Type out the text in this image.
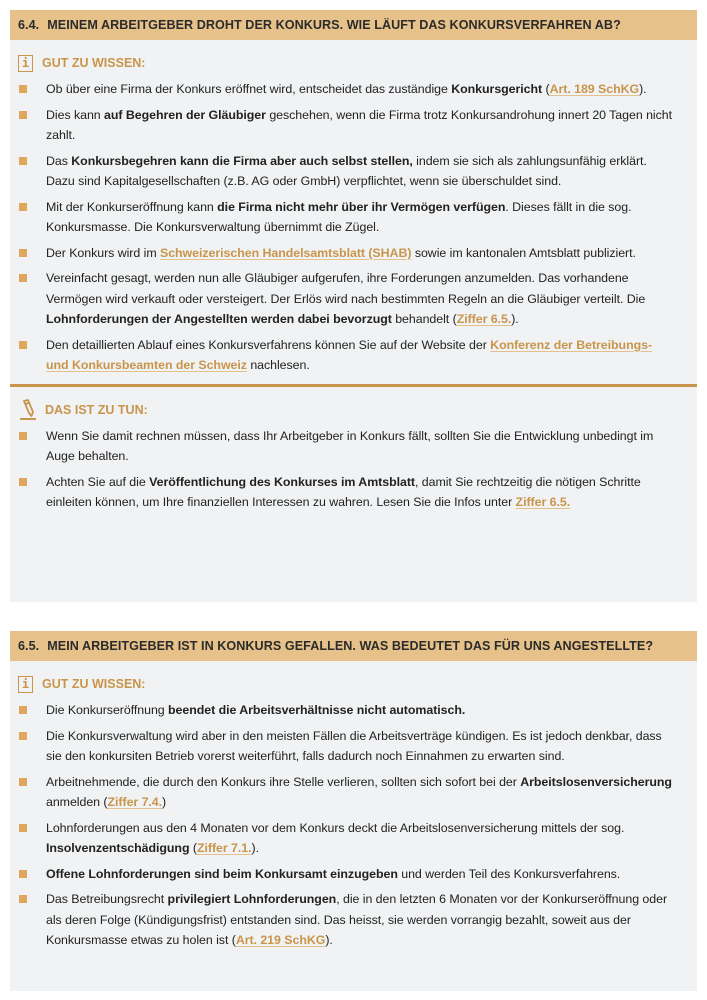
6.4. MEINEM ARBEITGEBER DROHT DER KONKURS. WIE LÄUFT DAS KONKURSVERFAHREN AB?
i	GUT ZU WISSEN:
Ob über eine Firma der Konkurs eröffnet wird, entscheidet das zuständige Konkursgericht (Art. 189 SchKG).
Dies kann auf Begehren der Gläubiger geschehen, wenn die Firma trotz Konkursandrohung innert 20 Tagen nicht zahlt.
Das Konkursbegehren kann die Firma aber auch selbst stellen, indem sie sich als zahlungsunfähig erklärt. Dazu sind Kapitalgesellschaften (z.B. AG oder GmbH) verpflichtet, wenn sie überschuldet sind.
Mit der Konkurseröffnung kann die Firma nicht mehr über ihr Vermögen verfügen. Dieses fällt in die sog. Konkursmasse. Die Konkursverwaltung übernimmt die Zügel.
Der Konkurs wird im Schweizerischen Handelsamtsblatt (SHAB) sowie im kantonalen Amtsblatt publiziert.
Vereinfacht gesagt, werden nun alle Gläubiger aufgerufen, ihre Forderungen anzumelden. Das vorhandene Vermögen wird verkauft oder versteigert. Der Erlös wird nach bestimmten Regeln an die Gläubiger verteilt. Die Lohnforderungen der Angestellten werden dabei bevorzugt behandelt (Ziffer 6.5.).
Den detaillierten Ablauf eines Konkursverfahrens können Sie auf der Website der Konferenz der Betreibungs- und Konkursbeamten der Schweiz nachlesen.
DAS IST ZU TUN:
Wenn Sie damit rechnen müssen, dass Ihr Arbeitgeber in Konkurs fällt, sollten Sie die Entwicklung unbedingt im Auge behalten.
Achten Sie auf die Veröffentlichung des Konkurses im Amtsblatt, damit Sie rechtzeitig die nötigen Schritte einleiten können, um Ihre finanziellen Interessen zu wahren. Lesen Sie die Infos unter Ziffer 6.5.
6.5. MEIN ARBEITGEBER IST IN KONKURS GEFALLEN. WAS BEDEUTET DAS FÜR UNS ANGESTELLTE?
i	GUT ZU WISSEN:
Die Konkurseröffnung beendet die Arbeitsverhältnisse nicht automatisch.
Die Konkursverwaltung wird aber in den meisten Fällen die Arbeitsverträge kündigen. Es ist jedoch denkbar, dass sie den konkursiten Betrieb vorerst weiterführt, falls dadurch noch Einnahmen zu erwarten sind.
Arbeitnehmende, die durch den Konkurs ihre Stelle verlieren, sollten sich sofort bei der Arbeitslosenversicherung anmelden (Ziffer 7.4.)
Lohnforderungen aus den 4 Monaten vor dem Konkurs deckt die Arbeitslosenversicherung mittels der sog. Insolvenzentschädigung (Ziffer 7.1.).
Offene Lohnforderungen sind beim Konkursamt einzugeben und werden Teil des Konkursverfahrens.
Das Betreibungsrecht privilegiert Lohnforderungen, die in den letzten 6 Monaten vor der Konkurseröffnung oder als deren Folge (Kündigungsfrist) entstanden sind. Das heisst, sie werden vorrangig bezahlt, soweit aus der Konkursmasse etwas zu holen ist (Art. 219 SchKG).
